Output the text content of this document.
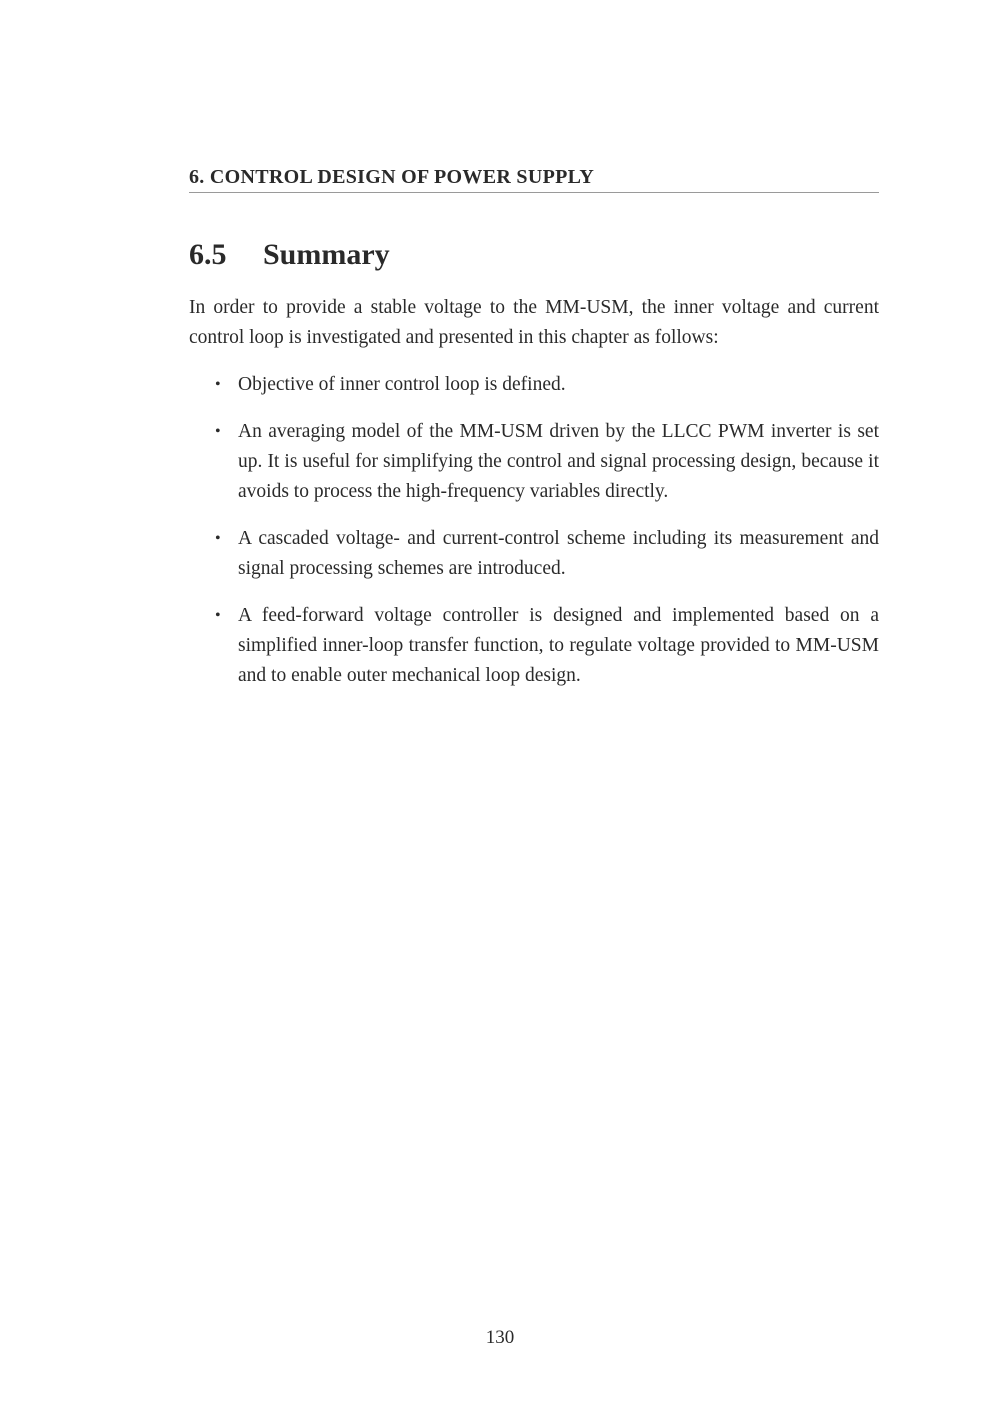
6. CONTROL DESIGN OF POWER SUPPLY
6.5 Summary

In order to provide a stable voltage to the MM-USM, the inner voltage and current control loop is investigated and presented in this chapter as follows:

• Objective of inner control loop is defined.
• An averaging model of the MM-USM driven by the LLCC PWM inverter is set up. It is useful for simplifying the control and signal processing design, because it avoids to process the high-frequency variables directly.
• A cascaded voltage- and current-control scheme including its measurement and signal processing schemes are introduced.
• A feed-forward voltage controller is designed and implemented based on a simplified inner-loop transfer function, to regulate voltage provided to MM-USM and to enable outer mechanical loop design.
130
